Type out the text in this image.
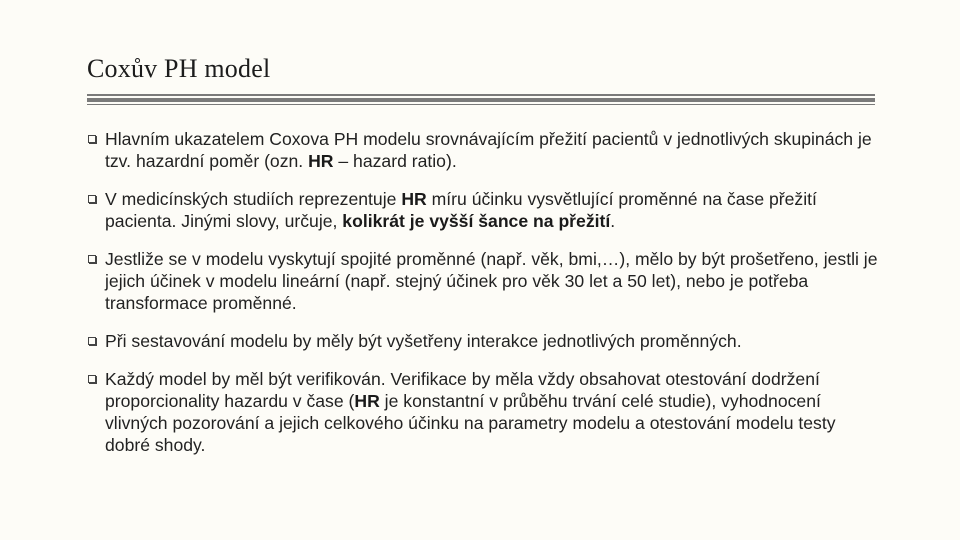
Coxův PH model
Hlavním ukazatelem Coxova PH modelu srovnávajícím přežití pacientů v jednotlivých skupinách je tzv. hazardní poměr (ozn. HR – hazard ratio).
V medicínských studiích reprezentuje HR míru účinku vysvětlující proměnné na čase přežití pacienta. Jinými slovy, určuje, kolikrát je vyšší šance na přežití.
Jestliže se v modelu vyskytují spojité proměnné (např. věk, bmi,…), mělo by být prošetřeno, jestli je jejich účinek v modelu lineární (např. stejný účinek pro věk 30 let a 50 let), nebo je potřeba transformace proměnné.
Při sestavování modelu by měly být vyšetřeny interakce jednotlivých proměnných.
Každý model by měl být verifikován. Verifikace by měla vždy obsahovat otestování dodržení proporcionality hazardu v čase (HR je konstantní v průběhu trvání celé studie), vyhodnocení vlivných pozorování a jejich celkového účinku na parametry modelu a otestování modelu testy dobré shody.
